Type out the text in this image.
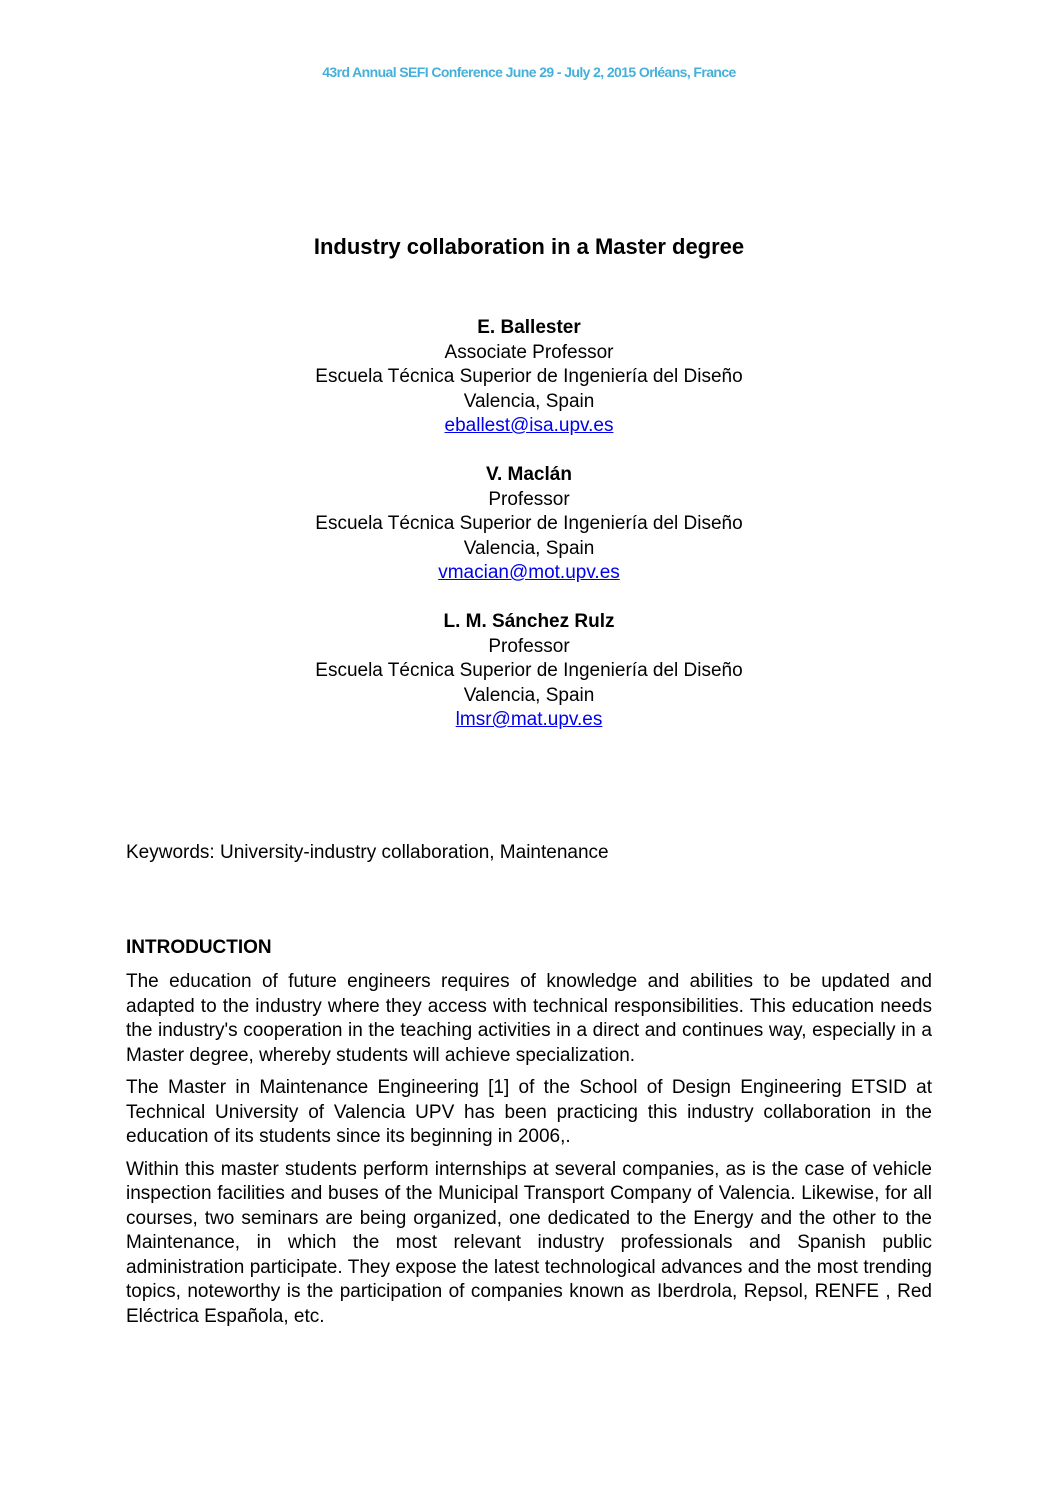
43rd Annual SEFI Conference June 29 - July 2, 2015 Orléans, France
Industry collaboration in a Master degree
E. Ballester
Associate Professor
Escuela Técnica Superior de Ingeniería del Diseño
Valencia, Spain
eballest@isa.upv.es
V. Maclán
Professor
Escuela Técnica Superior de Ingeniería del Diseño
Valencia, Spain
vmacian@mot.upv.es
L. M. Sánchez Rulz
Professor
Escuela Técnica Superior de Ingeniería del Diseño
Valencia, Spain
lmsr@mat.upv.es
Keywords: University-industry collaboration, Maintenance
INTRODUCTION

The education of future engineers requires of knowledge and abilities to be updated and adapted to the industry where they access with technical responsibilities. This education needs the industry's cooperation in the teaching activities in a direct and continues way, especially in a Master degree, whereby students will achieve specialization.

The Master in Maintenance Engineering [1] of the School of Design Engineering ETSID at Technical University of Valencia UPV has been practicing this industry collaboration in the education of its students since its beginning in 2006,.

Within this master students perform internships at several companies, as is the case of vehicle inspection facilities and buses of the Municipal Transport Company of Valencia. Likewise, for all courses, two seminars are being organized, one dedicated to the Energy and the other to the Maintenance, in which the most relevant industry professionals and Spanish public administration participate. They expose the latest technological advances and the most trending topics, noteworthy is the participation of companies known as Iberdrola, Repsol, RENFE , Red Eléctrica Española, etc.
